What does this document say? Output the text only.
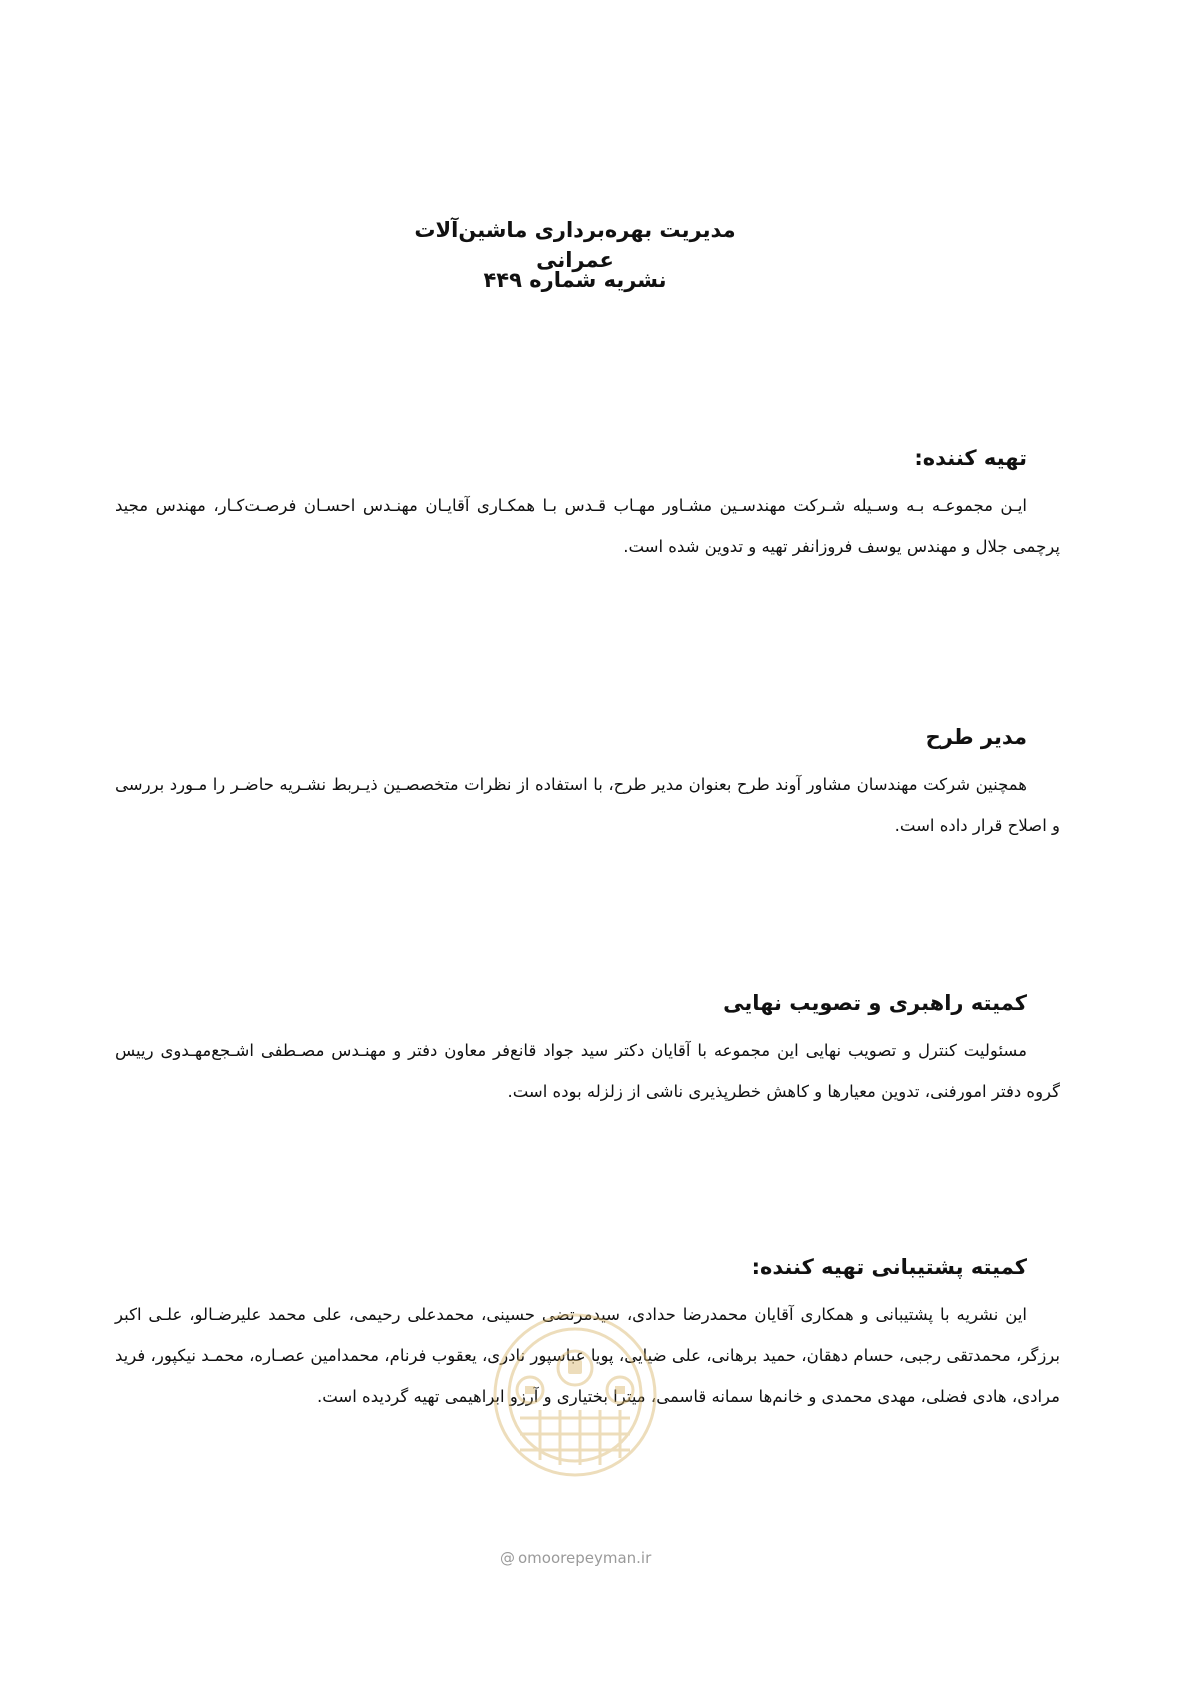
مدیریت بهره‌برداری ماشین‌آلات عمرانی
نشریه شماره ۴۴۹
تهیه کننده:

ایـن مجموعـه بـه وسـیله شـرکت مهندسـین مشـاور مهـاب قـدس بـا همکـاری آقایـان مهنـدس احسـان فرصـت‌کـار، مهندس مجید پرچمی جلال و مهندس یوسف فروزانفر تهیه و تدوین شده است.

مدیر طرح

همچنین شرکت مهندسان مشاور آوند طرح بعنوان مدیر طرح، با استفاده از نظرات متخصصـین ذیـربط نشـریه حاضـر را مـورد بررسی و اصلاح قرار داده است.

کمیته راهبری و تصویب نهایی

مسئولیت کنترل و تصویب نهایی این مجموعه با آقایان دکتر سید جواد قانع‌فر معاون دفتر و مهنـدس مصـطفی اشـجع‌مهـدوی رییس گروه دفتر امورفنی، تدوین معیارها و کاهش خطرپذیری ناشی از زلزله بوده است.

کمیته پشتیبانی تهیه کننده:

این نشریه با پشتیبانی و همکاری آقایان محمدرضا حدادی، سیدمرتضی حسینی، محمدعلی رحیمی، علی محمد علیرضـالو، علـی اکبر برزگر، محمدتقی رجبی، حسام دهقان، حمید برهانی، علی ضیایی، پویا عباسپور نادری، یعقوب فرنام، محمدامین عصـاره، محمـد نیکپور، فرید مرادی، هادی فضلی، مهدی محمدی و خانم‌ها سمانه قاسمی، میترا بختیاری و آرزو ابراهیمی تهیه گردیده است.

@ omoorepeyman.ir
